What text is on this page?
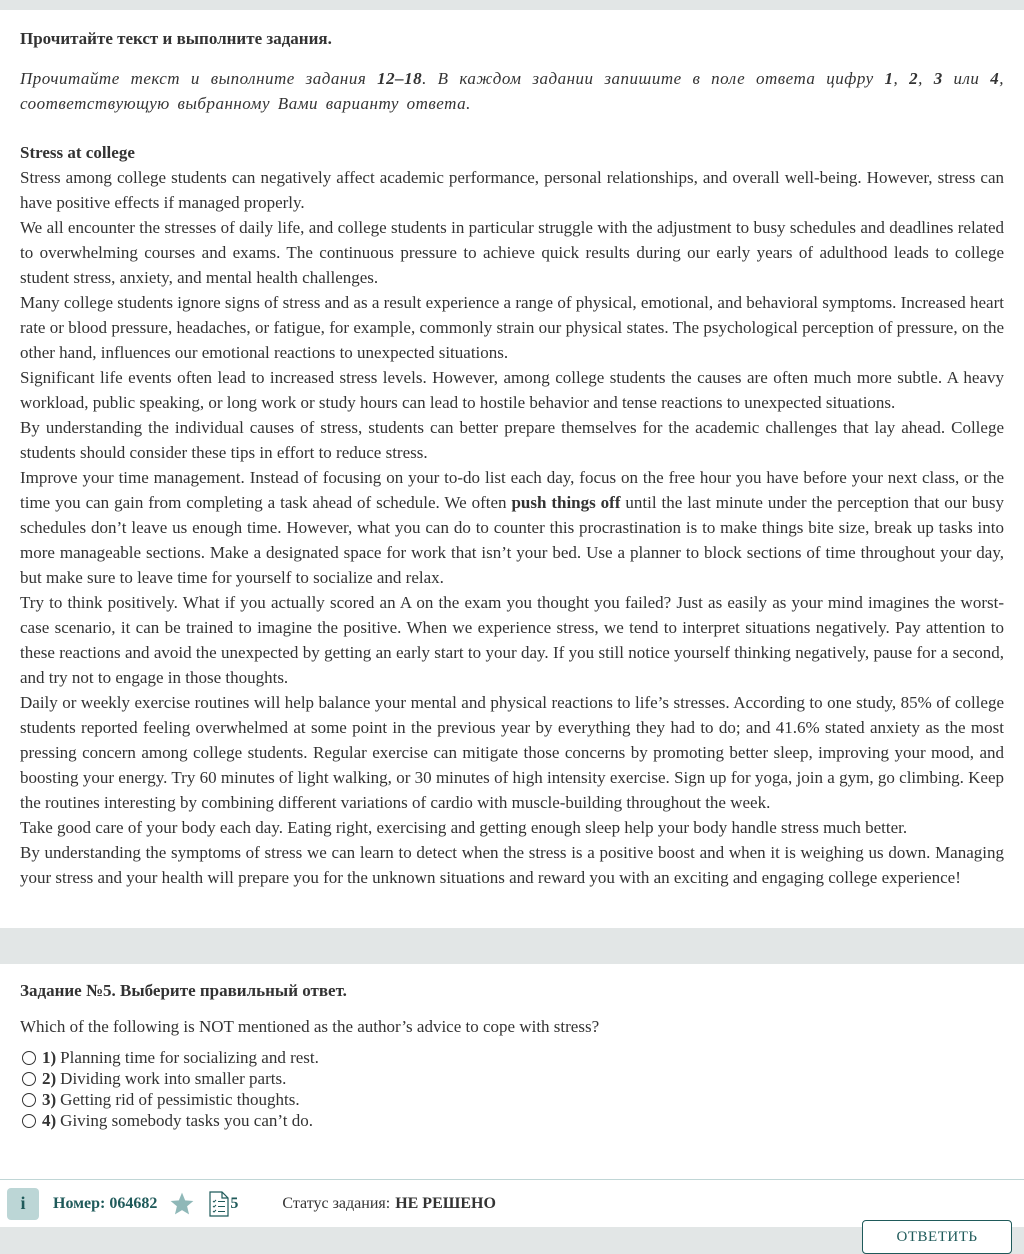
Прочитайте текст и выполните задания.

Прочитайте текст и выполните задания 12–18. В каждом задании запишите в поле ответа цифру 1, 2, 3 или 4, соответствующую выбранному Вами варианту ответа.

Stress at college

Stress among college students can negatively affect academic performance, personal relationships, and overall well-being. However, stress can have positive effects if managed properly.

We all encounter the stresses of daily life, and college students in particular struggle with the adjustment to busy schedules and deadlines related to overwhelming courses and exams. The continuous pressure to achieve quick results during our early years of adulthood leads to college student stress, anxiety, and mental health challenges.

Many college students ignore signs of stress and as a result experience a range of physical, emotional, and behavioral symptoms. Increased heart rate or blood pressure, headaches, or fatigue, for example, commonly strain our physical states. The psychological perception of pressure, on the other hand, influences our emotional reactions to unexpected situations.

Significant life events often lead to increased stress levels. However, among college students the causes are often much more subtle. A heavy workload, public speaking, or long work or study hours can lead to hostile behavior and tense reactions to unexpected situations.

By understanding the individual causes of stress, students can better prepare themselves for the academic challenges that lay ahead. College students should consider these tips in effort to reduce stress.

Improve your time management. Instead of focusing on your to-do list each day, focus on the free hour you have before your next class, or the time you can gain from completing a task ahead of schedule. We often push things off until the last minute under the perception that our busy schedules don’t leave us enough time. However, what you can do to counter this procrastination is to make things bite size, break up tasks into more manageable sections. Make a designated space for work that isn’t your bed. Use a planner to block sections of time throughout your day, but make sure to leave time for yourself to socialize and relax.

Try to think positively. What if you actually scored an A on the exam you thought you failed? Just as easily as your mind imagines the worst-case scenario, it can be trained to imagine the positive. When we experience stress, we tend to interpret situations negatively. Pay attention to these reactions and avoid the unexpected by getting an early start to your day. If you still notice yourself thinking negatively, pause for a second, and try not to engage in those thoughts.

Daily or weekly exercise routines will help balance your mental and physical reactions to life’s stresses. According to one study, 85% of college students reported feeling overwhelmed at some point in the previous year by everything they had to do; and 41.6% stated anxiety as the most pressing concern among college students. Regular exercise can mitigate those concerns by promoting better sleep, improving your mood, and boosting your energy. Try 60 minutes of light walking, or 30 minutes of high intensity exercise. Sign up for yoga, join a gym, go climbing. Keep the routines interesting by combining different variations of cardio with muscle-building throughout the week.

Take good care of your body each day. Eating right, exercising and getting enough sleep help your body handle stress much better.

By understanding the symptoms of stress we can learn to detect when the stress is a positive boost and when it is weighing us down. Managing your stress and your health will prepare you for the unknown situations and reward you with an exciting and engaging college experience!

Задание №5. Выберите правильный ответ.

Which of the following is NOT mentioned as the author’s advice to cope with stress?

1) Planning time for socializing and rest.
2) Dividing work into smaller parts.
3) Getting rid of pessimistic thoughts.
4) Giving somebody tasks you can’t do.
i Номер: 064682	5	Статус задания: НЕ РЕШЕНО
ОТВЕТИТЬ
